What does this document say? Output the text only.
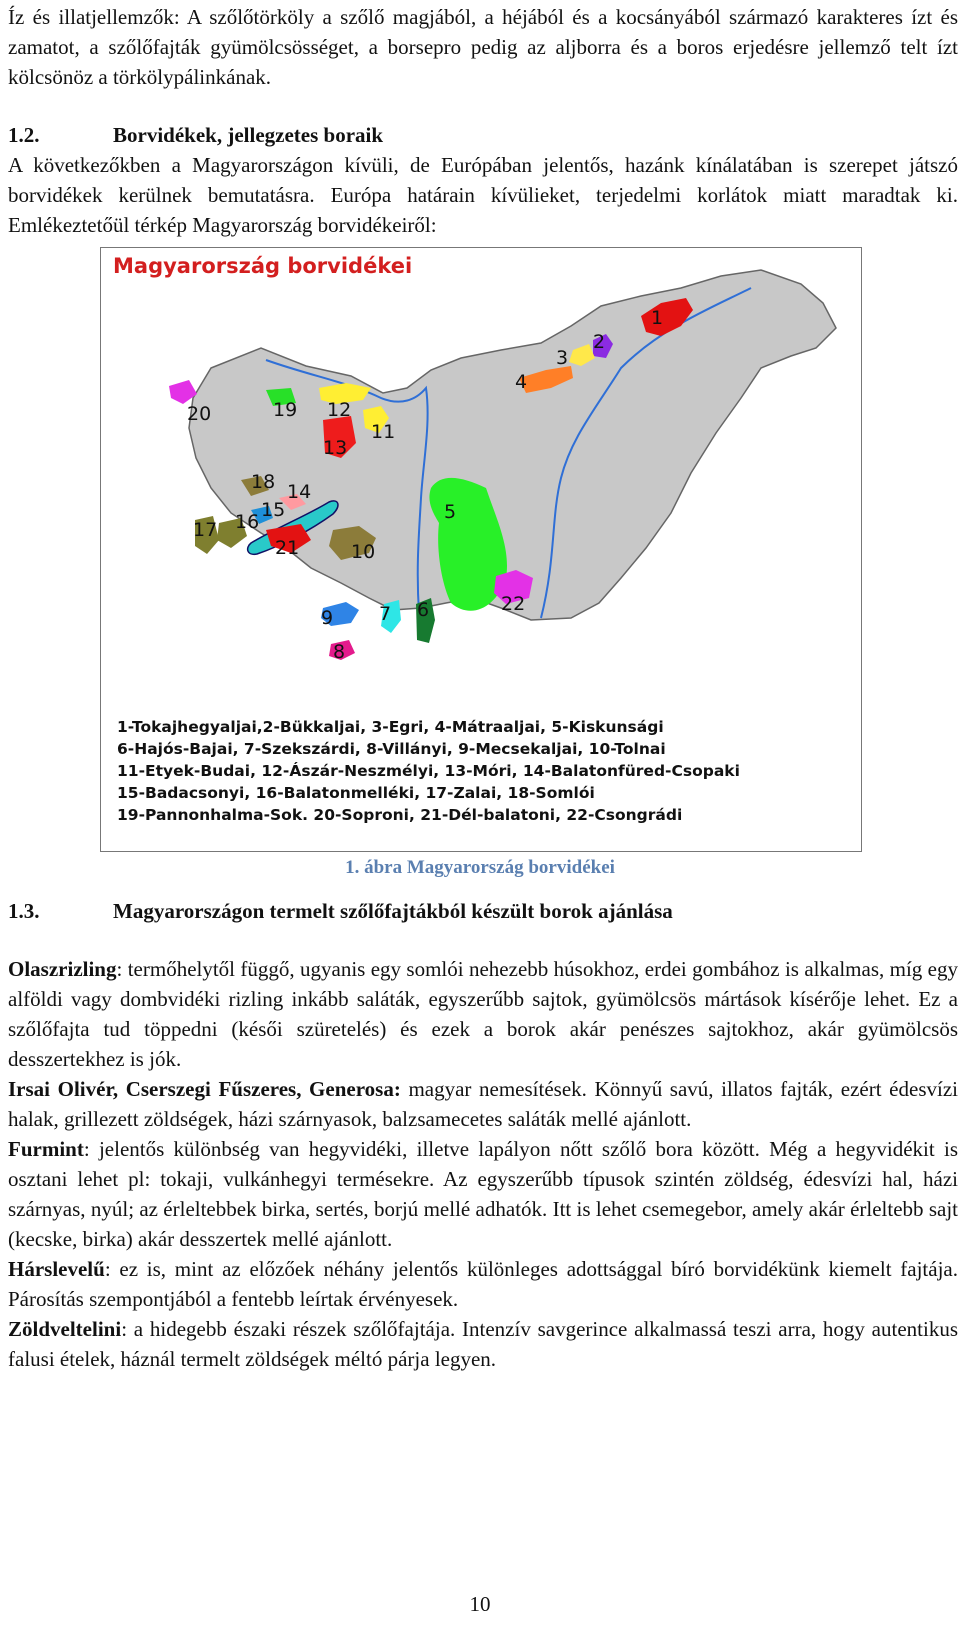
Íz és illatjellemzők: A szőlőtörköly a szőlő magjából, a héjából és a kocsányából származó karakteres ízt és zamatot, a szőlőfajták gyümölcsösséget, a borsepro pedig az aljborra és a boros erjedésre jellemző telt ízt kölcsönöz a törkölypálinkának.
1.2.	Borvidékek, jellegzetes boraik
A következőkben a Magyarországon kívüli, de Európában jelentős, hazánk kínálatában is szerepet játszó borvidékek kerülnek bemutatásra. Európa határain kívülieket, terjedelmi korlátok miatt maradtak ki. Emlékeztetőül térkép Magyarország borvidékeiről:
1
2
3
4
5
6
7
8
9
10
11
12
13
14
15
16
17
18
19
20
21
22
Magyarország borvidékei
1-Tokajhegyaljai,2-Bükkaljai, 3-Egri, 4-Mátraaljai, 5-Kiskunsági
6-Hajós-Bajai, 7-Szekszárdi, 8-Villányi, 9-Mecsekaljai, 10-Tolnai
11-Etyek-Budai, 12-Ászár-Neszmélyi, 13-Móri, 14-Balatonfüred-Csopaki
15-Badacsonyi, 16-Balatonmelléki, 17-Zalai, 18-Somlói
19-Pannonhalma-Sok. 20-Soproni, 21-Dél-balatoni, 22-Csongrádi
1. ábra Magyarország borvidékei
1.3.	Magyarországon termelt szőlőfajtákból készült borok ajánlása
Olaszrizling: termőhelytől függő, ugyanis egy somlói nehezebb húsokhoz, erdei gombához is alkalmas, míg egy alföldi vagy dombvidéki rizling inkább saláták, egyszerűbb sajtok, gyümölcsös mártások kísérője lehet. Ez a szőlőfajta tud töppedni (késői szüretelés) és ezek a borok akár penészes sajtokhoz, akár gyümölcsös desszertekhez is jók.
Irsai Olivér, Cserszegi Fűszeres, Generosa: magyar nemesítések. Könnyű savú, illatos fajták, ezért édesvízi halak, grillezett zöldségek, házi szárnyasok, balzsamecetes saláták mellé ajánlott.
Furmint: jelentős különbség van hegyvidéki, illetve lapályon nőtt szőlő bora között. Még a hegyvidékit is osztani lehet pl: tokaji, vulkánhegyi termésekre. Az egyszerűbb típusok szintén zöldség, édesvízi hal, házi szárnyas, nyúl; az érleltebbek birka, sertés, borjú mellé adhatók. Itt is lehet csemegebor, amely akár érleltebb sajt (kecske, birka) akár desszertek mellé ajánlott.
Hárslevelű: ez is, mint az előzőek néhány jelentős különleges adottsággal bíró borvidékünk kiemelt fajtája. Párosítás szempontjából a fentebb leírtak érvényesek.
Zöldveltelini: a hidegebb északi részek szőlőfajtája. Intenzív savgerince alkalmassá teszi arra, hogy autentikus falusi ételek, háznál termelt zöldségek méltó párja legyen.
10
